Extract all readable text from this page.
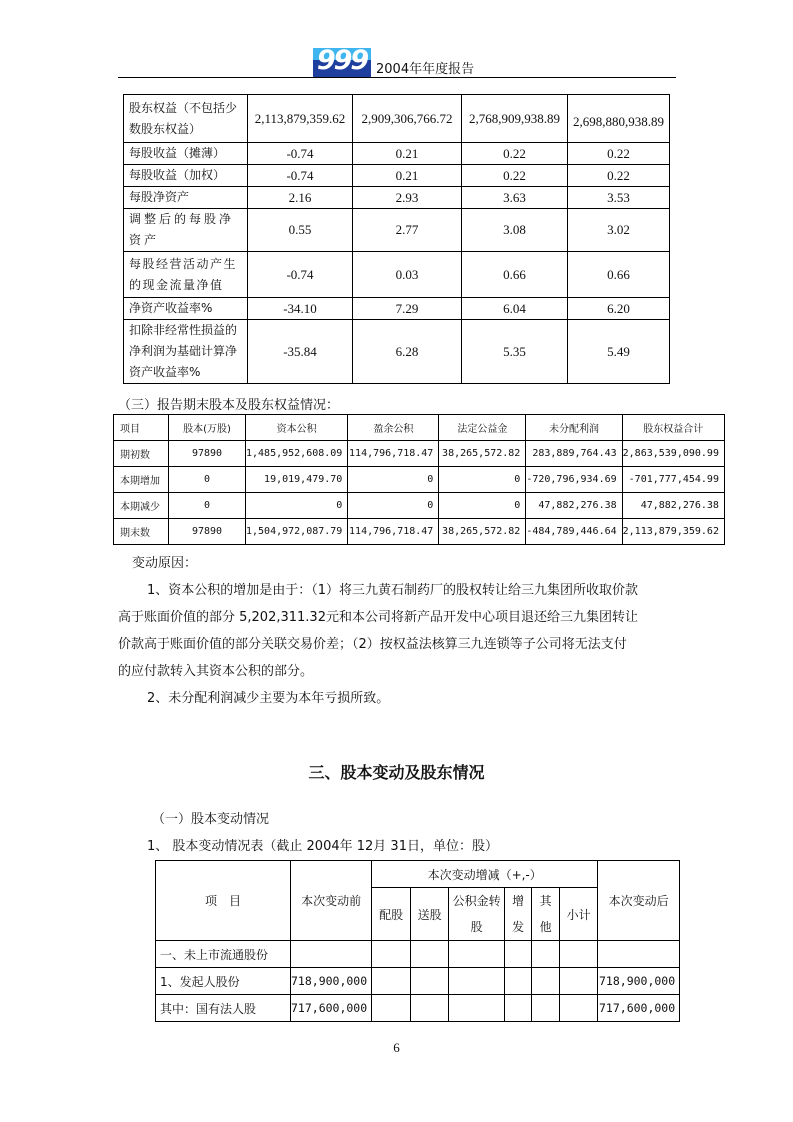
999 2004年年度报告
股东权益（不包括少数股东权益）	2,113,879,359.62	2,909,306,766.72	2,768,909,938.89	2,698,880,938.89
每股收益（摊薄）	-0.74	0.21	0.22	0.22
每股收益（加权）	-0.74	0.21	0.22	0.22
每股净资产	2.16	2.93	3.63	3.53
调整后的每股净资产	0.55	2.77	3.08	3.02
每股经营活动产生的现金流量净值	-0.74	0.03	0.66	0.66
净资产收益率%	-34.10	7.29	6.04	6.20
扣除非经常性损益的净利润为基础计算净资产收益率%	-35.84	6.28	5.35	5.49
（三）报告期末股本及股东权益情况：
项目	股本(万股)	资本公积	盈余公积	法定公益金	未分配利润	股东权益合计
期初数	97890	1,485,952,608.09	114,796,718.47	38,265,572.82	283,889,764.43	2,863,539,090.99
本期增加	0	19,019,479.70	0	0	-720,796,934.69	-701,777,454.99
本期减少	0	0	0	0	47,882,276.38	47,882,276.38
期末数	97890	1,504,972,087.79	114,796,718.47	38,265,572.82	-484,789,446.64	2,113,879,359.62
变动原因：
1、资本公积的增加是由于：（1）将三九黄石制药厂的股权转让给三九集团所收取价款
高于账面价值的部分 5,202,311.32元和本公司将新产品开发中心项目退还给三九集团转让
价款高于账面价值的部分关联交易价差；（2）按权益法核算三九连锁等子公司将无法支付
的应付款转入其资本公积的部分。
2、未分配利润减少主要为本年亏损所致。
三、股本变动及股东情况
（一）股本变动情况
1、 股本变动情况表（截止 2004年 12月 31日，单位：股）
项　目	本次变动前	本次变动增减（+,-）						本次变动后
		配股	送股	公积金转股	增发	其他	小计	
一、未上市流通股份								
1、发起人股份	718,900,000							718,900,000
其中：国有法人股	717,600,000							717,600,000
6
